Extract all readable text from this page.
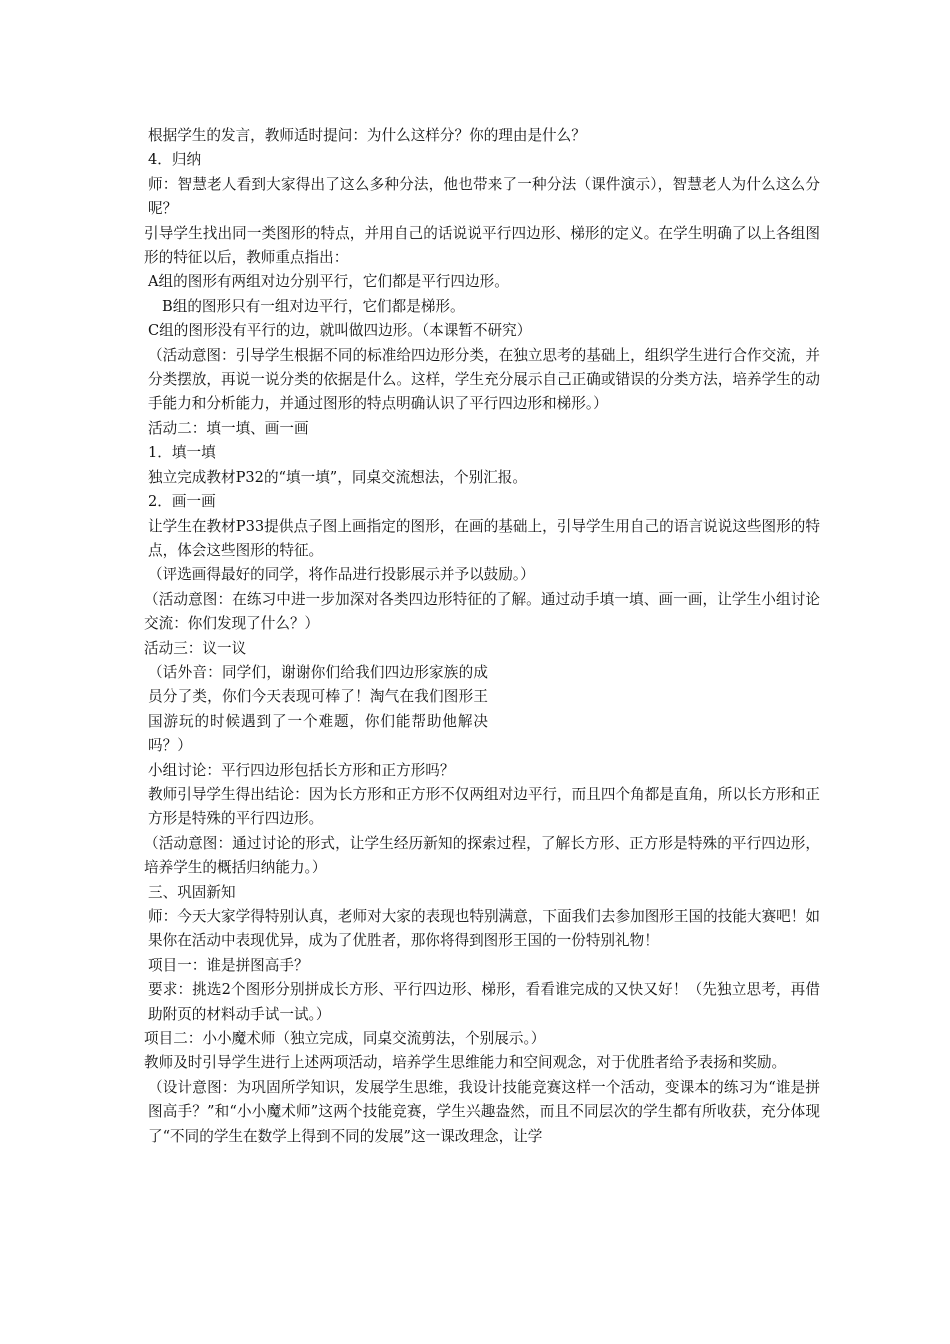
根据学生的发言，教师适时提问：为什么这样分？你的理由是什么？

4．归纳

师：智慧老人看到大家得出了这么多种分法，他也带来了一种分法（课件演示），智慧老人为什么这么分呢？

引导学生找出同一类图形的特点，并用自己的话说说平行四边形、梯形的定义。在学生明确了以上各组图形的特征以后，教师重点指出：

A组的图形有两组对边分别平行，它们都是平行四边形。

B组的图形只有一组对边平行，它们都是梯形。

C组的图形没有平行的边，就叫做四边形。（本课暂不研究）

（活动意图：引导学生根据不同的标准给四边形分类，在独立思考的基础上，组织学生进行合作交流，并分类摆放，再说一说分类的依据是什么。这样，学生充分展示自己正确或错误的分类方法，培养学生的动手能力和分析能力，并通过图形的特点明确认识了平行四边形和梯形。）

活动二：填一填、画一画

1．填一填

独立完成教材P32的“填一填”，同桌交流想法，个别汇报。

2．画一画

让学生在教材P33提供点子图上画指定的图形，在画的基础上，引导学生用自己的语言说说这些图形的特点，体会这些图形的特征。

（评选画得最好的同学，将作品进行投影展示并予以鼓励。）

（活动意图：在练习中进一步加深对各类四边形特征的了解。通过动手填一填、画一画，让学生小组讨论交流：你们发现了什么？）

活动三：议一议

（话外音：同学们，谢谢你们给我们四边形家族的成员分了类，你们今天表现可棒了！淘气在我们图形王国游玩的时候遇到了一个难题，你们能帮助他解决吗？）

小组讨论：平行四边形包括长方形和正方形吗？

教师引导学生得出结论：因为长方形和正方形不仅两组对边平行，而且四个角都是直角，所以长方形和正方形是特殊的平行四边形。

（活动意图：通过讨论的形式，让学生经历新知的探索过程，了解长方形、正方形是特殊的平行四边形，培养学生的概括归纳能力。）

三、巩固新知

师：今天大家学得特别认真，老师对大家的表现也特别满意，下面我们去参加图形王国的技能大赛吧！如果你在活动中表现优异，成为了优胜者，那你将得到图形王国的一份特别礼物！

项目一：谁是拼图高手？

要求：挑选2个图形分别拼成长方形、平行四边形、梯形，看看谁完成的又快又好！（先独立思考，再借助附页的材料动手试一试。）

项目二：小小魔术师（独立完成，同桌交流剪法，个别展示。）

教师及时引导学生进行上述两项活动，培养学生思维能力和空间观念，对于优胜者给予表扬和奖励。

（设计意图：为巩固所学知识，发展学生思维，我设计技能竞赛这样一个活动，变课本的练习为“谁是拼图高手？”和“小小魔术师”这两个技能竞赛，学生兴趣盎然，而且不同层次的学生都有所收获，充分体现了“不同的学生在数学上得到不同的发展”这一课改理念，让学
